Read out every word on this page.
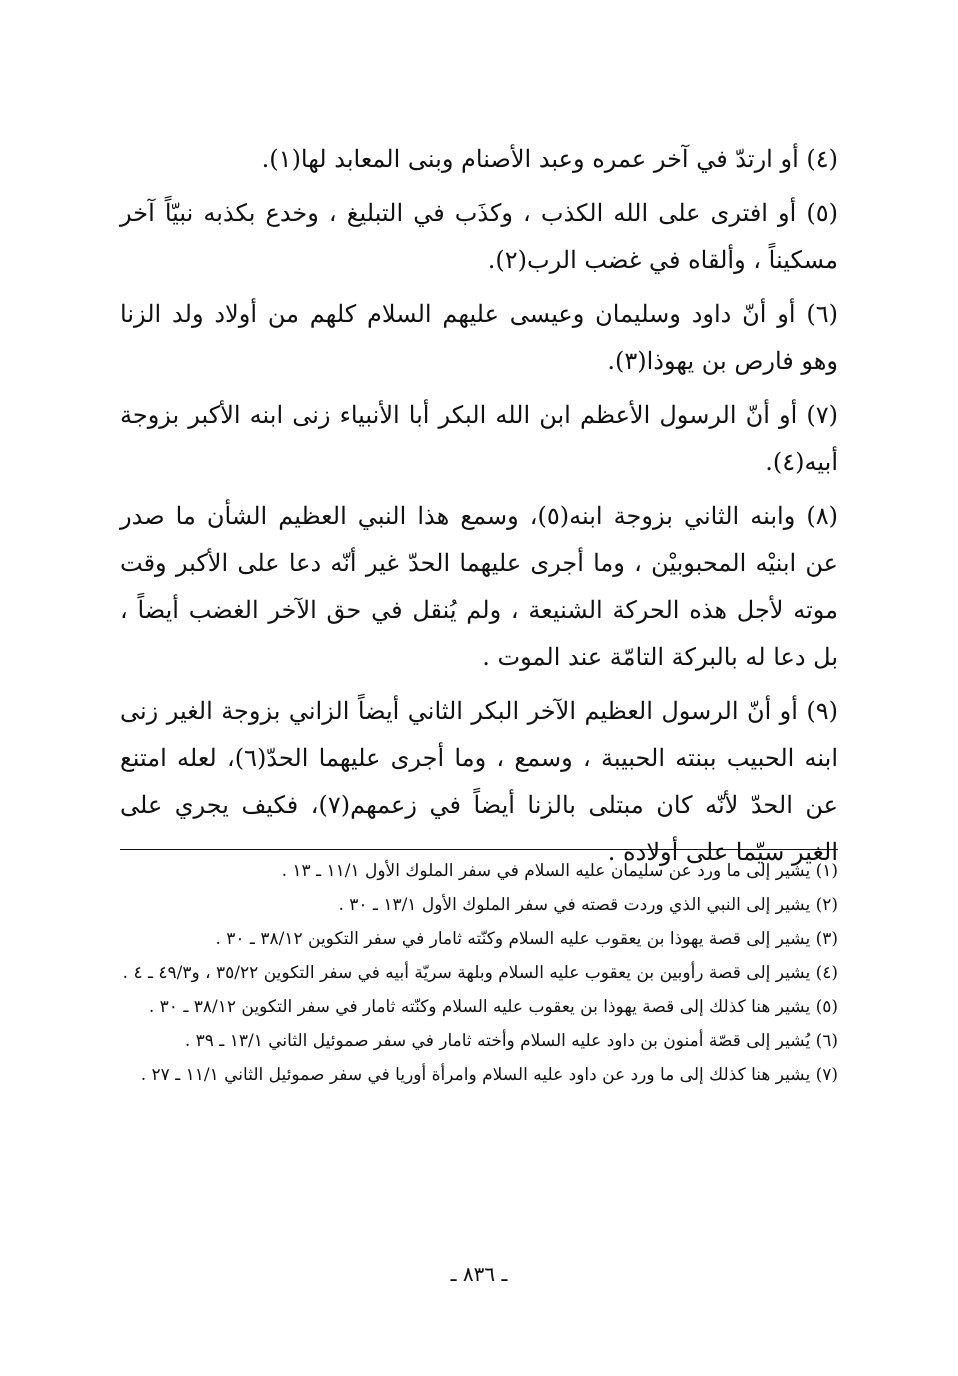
(٤) أو ارتدّ في آخر عمره وعبد الأصنام وبنى المعابد لها(١).

(٥) أو افترى على الله الكذب ، وكذَب في التبليغ ، وخدع بكذبه نبيّاً آخر مسكيناً ، وألقاه في غضب الرب(٢).

(٦) أو أنّ داود وسليمان وعيسى عليهم السلام كلهم من أولاد ولد الزنا وهو فارص بن يهوذا(٣).

(٧) أو أنّ الرسول الأعظم ابن الله البكر أبا الأنبياء زنى ابنه الأكبر بزوجة أبيه(٤).

(٨) وابنه الثاني بزوجة ابنه(٥)، وسمع هذا النبي العظيم الشأن ما صدر عن ابنيْه المحبوبيْن ، وما أجرى عليهما الحدّ غير أنّه دعا على الأكبر وقت موته لأجل هذه الحركة الشنيعة ، ولم يُنقل في حق الآخر الغضب أيضاً ، بل دعا له بالبركة التامّة عند الموت .

(٩) أو أنّ الرسول العظيم الآخر البكر الثاني أيضاً الزاني بزوجة الغير زنى ابنه الحبيب ببنته الحبيبة ، وسمع ، وما أجرى عليهما الحدّ(٦)، لعله امتنع عن الحدّ لأنّه كان مبتلى بالزنا أيضاً في زعمهم(٧)، فكيف يجري على الغير سيّما على أولاده .

(١) يشير إلى ما ورد عن سليمان عليه السلام في سفر الملوك الأول ١١/١ ـ ١٣ .

(٢) يشير إلى النبي الذي وردت قصته في سفر الملوك الأول ١٣/١ ـ ٣٠ .

(٣) يشير إلى قصة يهوذا بن يعقوب عليه السلام وكنّته ثامار في سفر التكوين ٣٨/١٢ ـ ٣٠ .

(٤) يشير إلى قصة رأوبين بن يعقوب عليه السلام وبلهة سريّة أبيه في سفر التكوين ٣٥/٢٢ ، و٤٩/٣ ـ ٤ .

(٥) يشير هنا كذلك إلى قصة يهوذا بن يعقوب عليه السلام وكنّته ثامار في سفر التكوين ٣٨/١٢ ـ ٣٠ .

(٦) يُشير إلى قصّة أمنون بن داود عليه السلام وأخته ثامار في سفر صموئيل الثاني ١٣/١ ـ ٣٩ .

(٧) يشير هنا كذلك إلى ما ورد عن داود عليه السلام وامرأة أوريا في سفر صموئيل الثاني ١١/١ ـ ٢٧ .

ـ ٨٣٦ ـ
